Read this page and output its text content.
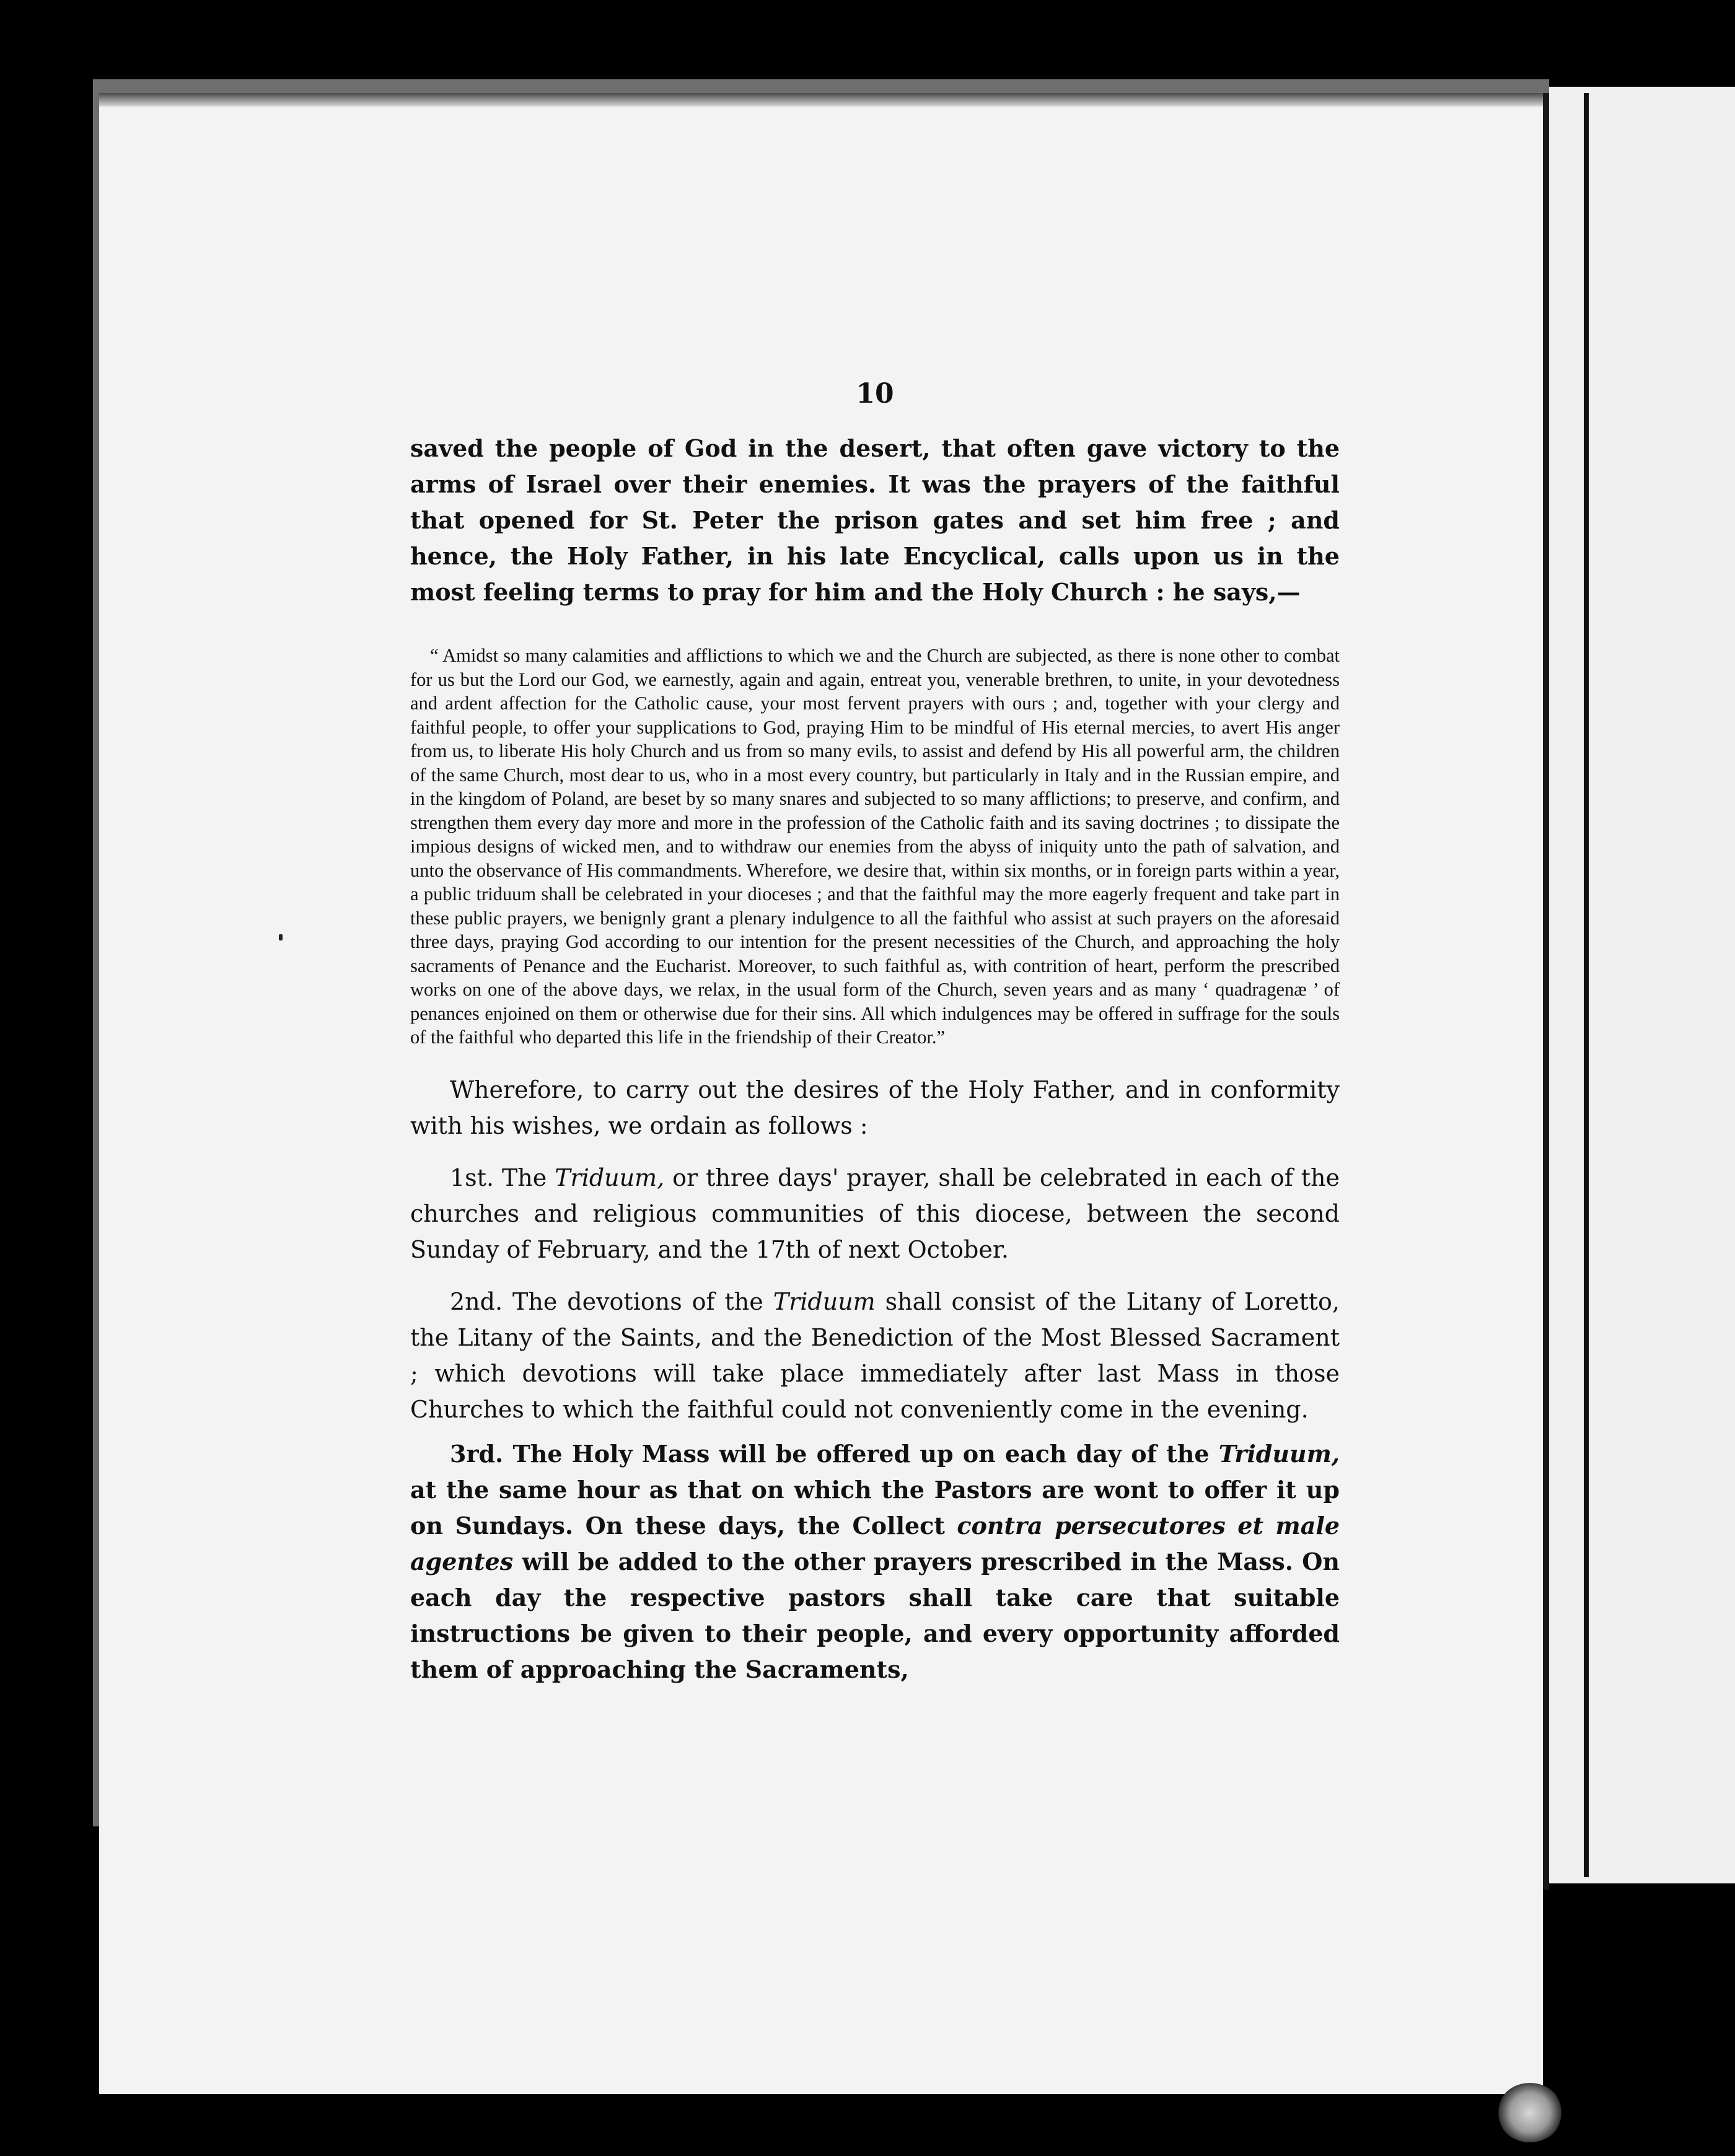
10

saved the people of God in the desert, that often gave victory to the arms of Israel over their enemies. It was the prayers of the faithful that opened for St. Peter the prison gates and set him free ; and hence, the Holy Father, in his late Encyclical, calls upon us in the most feeling terms to pray for him and the Holy Church : he says,—

“ Amidst so many calamities and afflictions to which we and the Church are subjected, as there is none other to combat for us but the Lord our God, we earnestly, again and again, entreat you, venerable brethren, to unite, in your devotedness and ardent affection for the Catholic cause, your most fervent prayers with ours ; and, together with your clergy and faithful people, to offer your supplications to God, praying Him to be mindful of His eternal mercies, to avert His anger from us, to liberate His holy Church and us from so many evils, to assist and defend by His all powerful arm, the children of the same Church, most dear to us, who in a most every country, but particularly in Italy and in the Russian empire, and in the kingdom of Poland, are beset by so many snares and subjected to so many afflictions; to preserve, and confirm, and strengthen them every day more and more in the profession of the Catholic faith and its saving doctrines ; to dissipate the impious designs of wicked men, and to withdraw our enemies from the abyss of iniquity unto the path of salvation, and unto the observance of His commandments. Wherefore, we desire that, within six months, or in foreign parts within a year, a public triduum shall be celebrated in your dioceses ; and that the faithful may the more eagerly frequent and take part in these public prayers, we benignly grant a plenary indulgence to all the faithful who assist at such prayers on the aforesaid three days, praying God according to our intention for the present necessities of the Church, and approaching the holy sacraments of Penance and the Eucharist. Moreover, to such faithful as, with contrition of heart, perform the prescribed works on one of the above days, we relax, in the usual form of the Church, seven years and as many ‘ quadragenæ ’ of penances enjoined on them or otherwise due for their sins. All which indulgences may be offered in suffrage for the souls of the faithful who departed this life in the friendship of their Creator.”

Wherefore, to carry out the desires of the Holy Father, and in conformity with his wishes, we ordain as follows :

1st. The Triduum, or three days' prayer, shall be celebrated in each of the churches and religious communities of this diocese, between the second Sunday of February, and the 17th of next October.

2nd. The devotions of the Triduum shall consist of the Litany of Loretto, the Litany of the Saints, and the Benediction of the Most Blessed Sacrament ; which devotions will take place immediately after last Mass in those Churches to which the faithful could not conveniently come in the evening.

3rd. The Holy Mass will be offered up on each day of the Triduum, at the same hour as that on which the Pastors are wont to offer it up on Sundays. On these days, the Collect contra persecutores et male agentes will be added to the other prayers prescribed in the Mass. On each day the respective pastors shall take care that suitable instructions be given to their people, and every opportunity afforded them of approaching the Sacraments,
